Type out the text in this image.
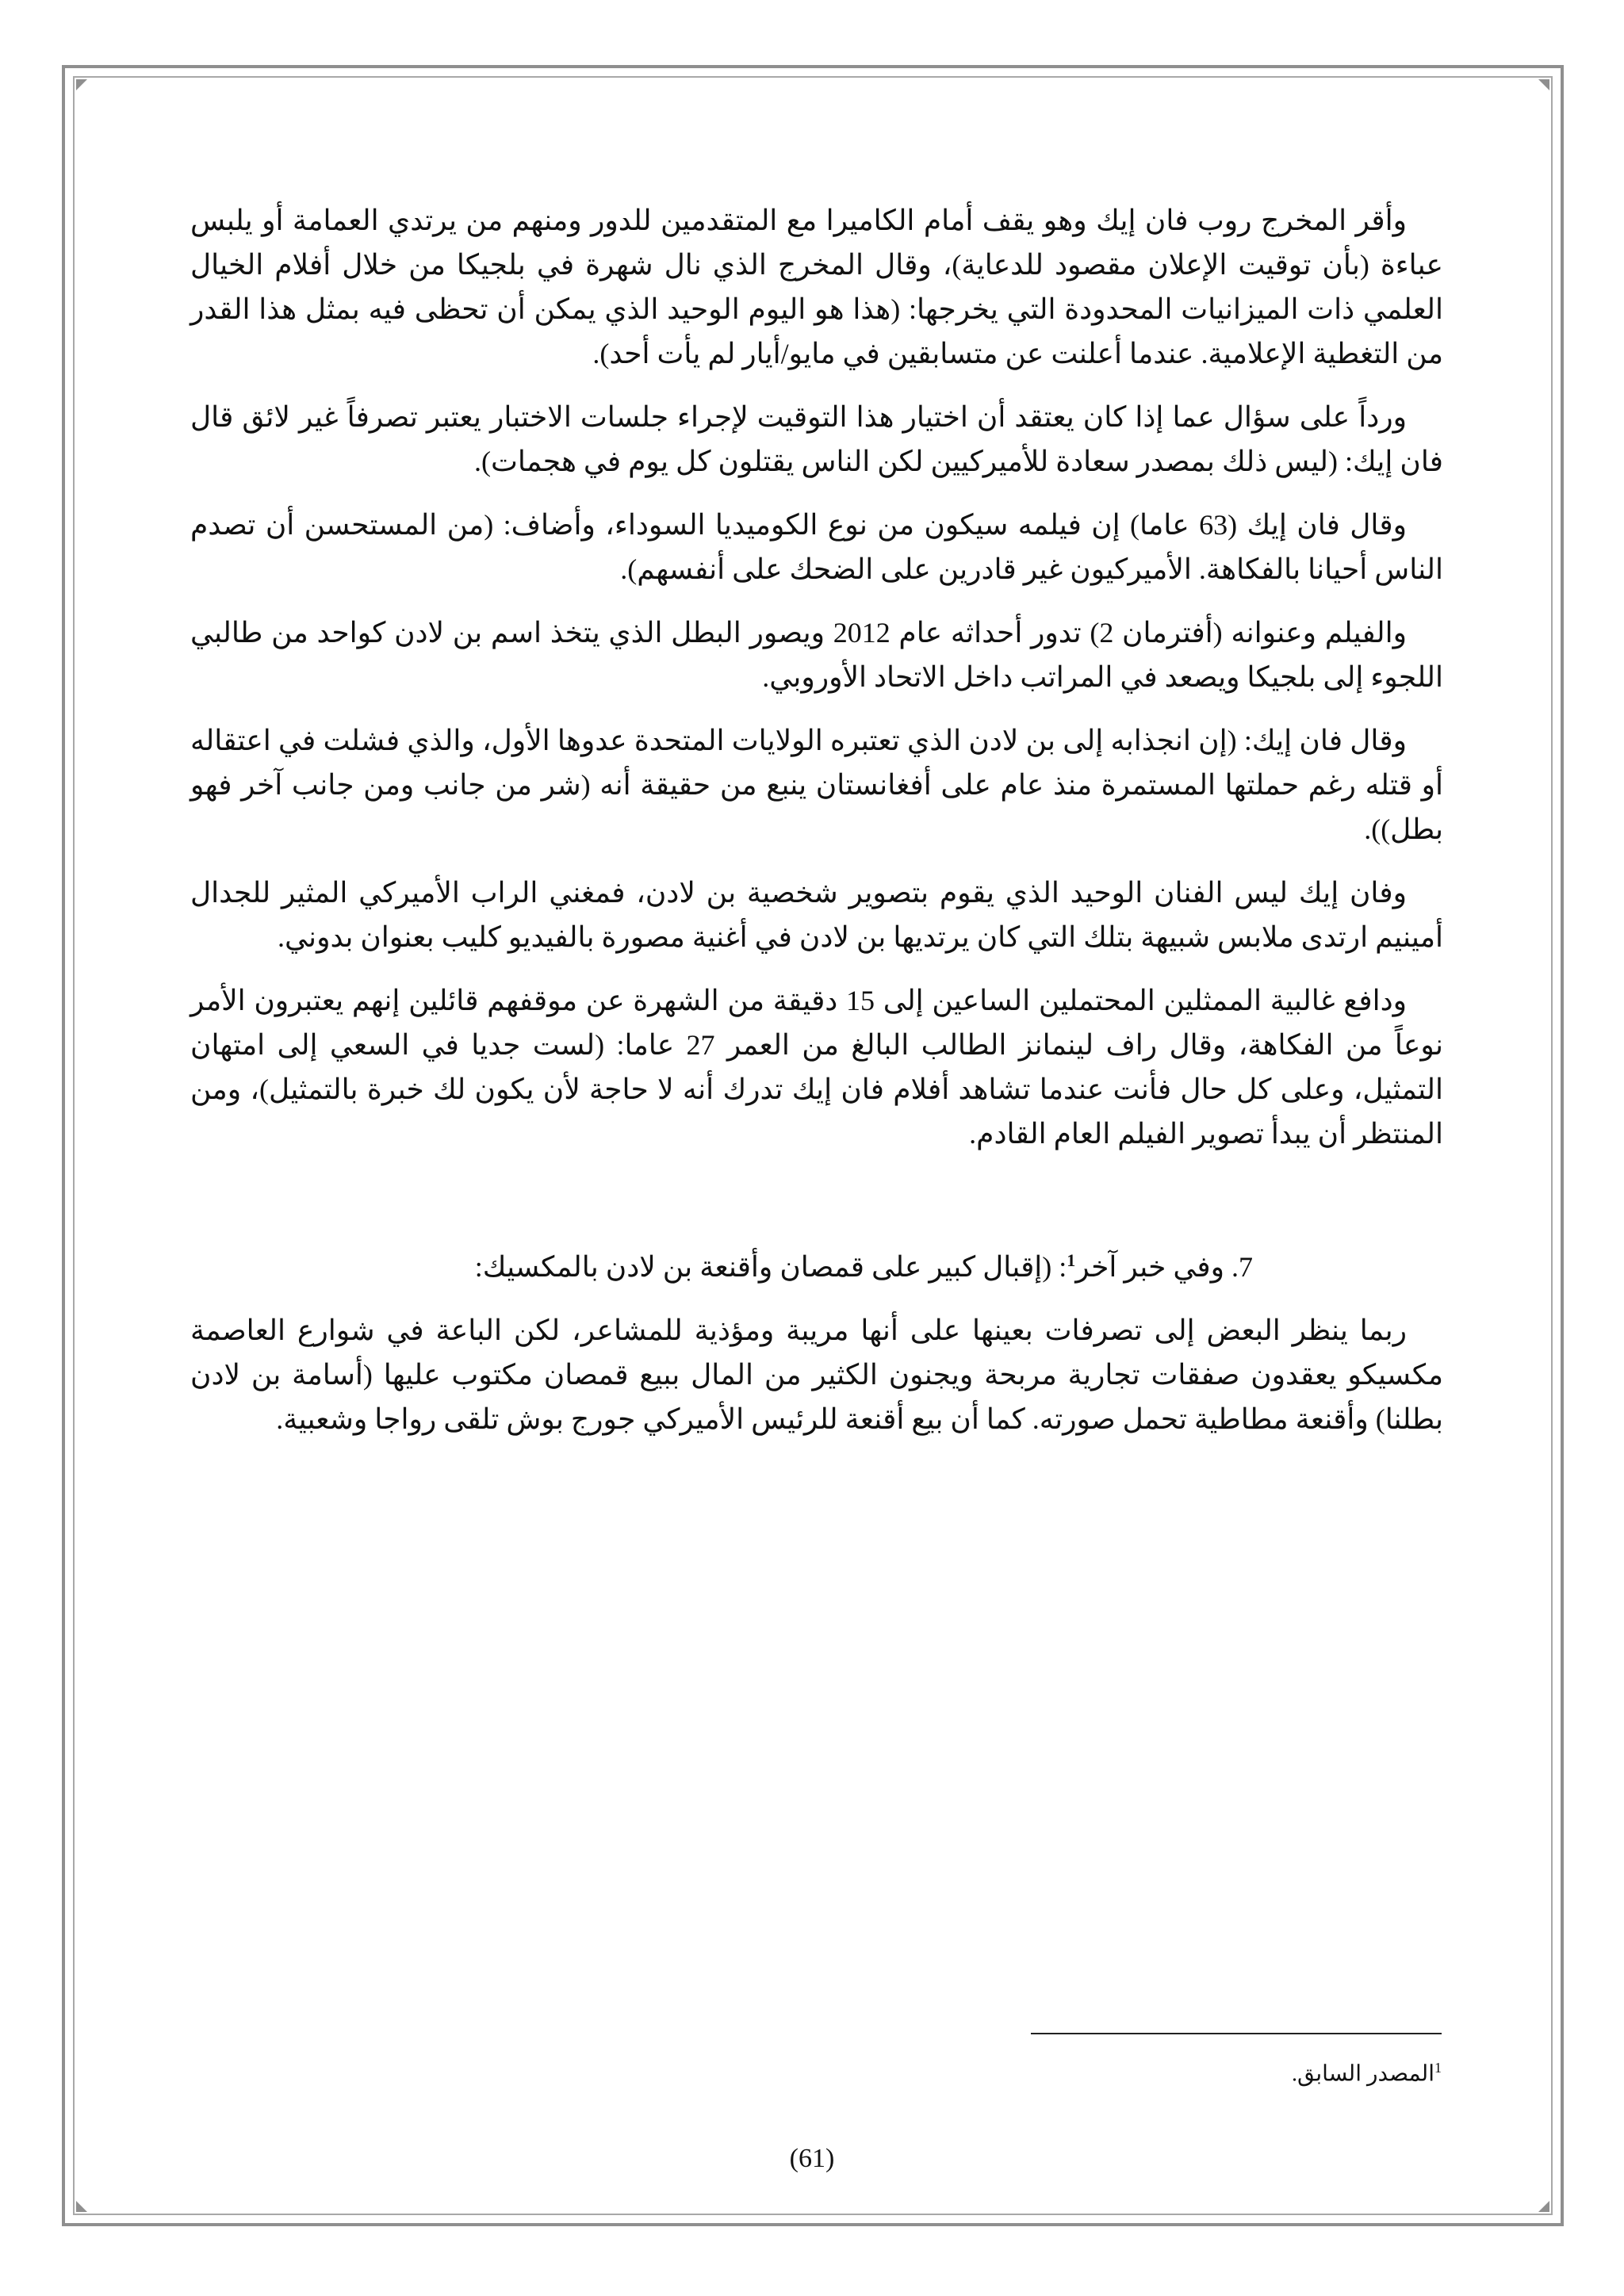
وأقر المخرج روب فان إيك وهو يقف أمام الكاميرا مع المتقدمين للدور ومنهم من يرتدي العمامة أو يلبس عباءة (بأن توقيت الإعلان مقصود للدعاية)، وقال المخرج الذي نال شهرة في بلجيكا من خلال أفلام الخيال العلمي ذات الميزانيات المحدودة التي يخرجها: (هذا هو اليوم الوحيد الذي يمكن أن تحظى فيه بمثل هذا القدر من التغطية الإعلامية. عندما أعلنت عن متسابقين في مايو/أيار لم يأت أحد).

ورداً على سؤال عما إذا كان يعتقد أن اختيار هذا التوقيت لإجراء جلسات الاختبار يعتبر تصرفاً غير لائق قال فان إيك: (ليس ذلك بمصدر سعادة للأميركيين لكن الناس يقتلون كل يوم في هجمات).

وقال فان إيك (63 عاما) إن فيلمه سيكون من نوع الكوميديا السوداء، وأضاف: (من المستحسن أن تصدم الناس أحيانا بالفكاهة. الأميركيون غير قادرين على الضحك على أنفسهم).

والفيلم وعنوانه (أفترمان 2) تدور أحداثه عام 2012 ويصور البطل الذي يتخذ اسم بن لادن كواحد من طالبي اللجوء إلى بلجيكا ويصعد في المراتب داخل الاتحاد الأوروبي.

وقال فان إيك: (إن انجذابه إلى بن لادن الذي تعتبره الولايات المتحدة عدوها الأول، والذي فشلت في اعتقاله أو قتله رغم حملتها المستمرة منذ عام على أفغانستان ينبع من حقيقة أنه (شر من جانب ومن جانب آخر فهو بطل)).

وفان إيك ليس الفنان الوحيد الذي يقوم بتصوير شخصية بن لادن، فمغني الراب الأميركي المثير للجدال أمينيم ارتدى ملابس شبيهة بتلك التي كان يرتديها بن لادن في أغنية مصورة بالفيديو كليب بعنوان بدوني.

ودافع غالبية الممثلين المحتملين الساعين إلى 15 دقيقة من الشهرة عن موقفهم قائلين إنهم يعتبرون الأمر نوعاً من الفكاهة، وقال راف لينمانز الطالب البالغ من العمر 27 عاما: (لست جديا في السعي إلى امتهان التمثيل، وعلى كل حال فأنت عندما تشاهد أفلام فان إيك تدرك أنه لا حاجة لأن يكون لك خبرة بالتمثيل)، ومن المنتظر أن يبدأ تصوير الفيلم العام القادم.

7. وفي خبر آخر$^1$: (إقبال كبير على قمصان وأقنعة بن لادن بالمكسيك:

ربما ينظر البعض إلى تصرفات بعينها على أنها مريبة ومؤذية للمشاعر، لكن الباعة في شوارع العاصمة مكسيكو يعقدون صفقات تجارية مربحة ويجنون الكثير من المال ببيع قمصان مكتوب عليها (أسامة بن لادن بطلنا) وأقنعة مطاطية تحمل صورته. كما أن بيع أقنعة للرئيس الأميركي جورج بوش تلقى رواجا وشعبية.

$^1$المصدر السابق.
(61)
